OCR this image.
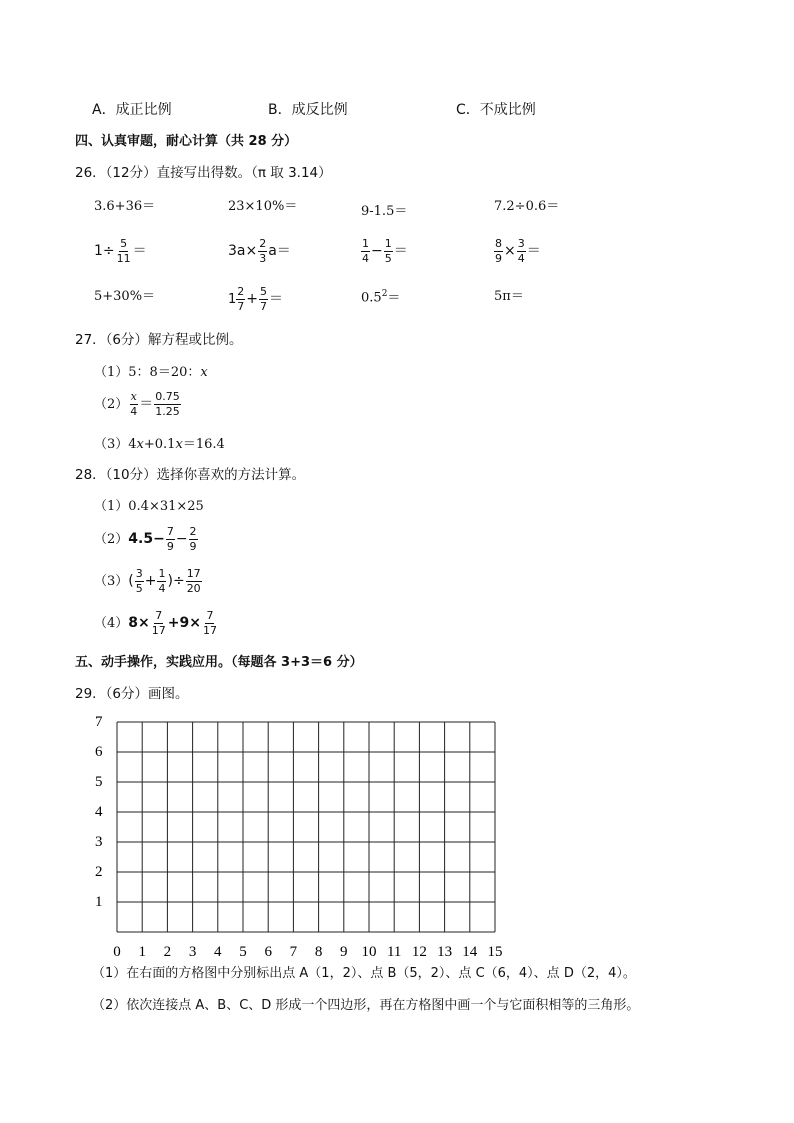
A．成正比例	B．成反比例	C．不成比例
四、认真审题，耐心计算（共 28 分）
26．（12分）直接写出得数。（π 取 3.14）
3.6+36＝	23×10%＝	9-1.5＝	7.2÷0.6＝
$1\div \frac{5}{11}$ ＝	$3a\times \frac{2}{3} a=$	$\frac{1}{4} - \frac{1}{5}$ ＝	$\frac{8}{9} \times \frac{3}{4}$ ＝
5+30%＝	$1 \frac{2}{7} + \frac{5}{7}$ ＝	$0.5^2=$	5π＝
27．（6分）解方程或比例。
（1）5：8＝20：x
$(2) \frac{x}{4} = \frac{0.75}{1.25}$
（3）4x+0.1x＝16.4
28．（10分）选择你喜欢的方法计算。
（1）0.4×31×25
（2） $4.5- \frac{7}{9} - \frac{2}{9}$
（3） ( $\frac{3}{5} + \frac{1}{4}$ )÷ $\frac{17}{20}$
（4） $8\times \frac{7}{17} +9\times \frac{7}{17}$
五、动手操作，实践应用。（每题各 3+3＝6 分）
29．（6分）画图。
7
6
5
4
3
2
1
0 1 2 3 4 5 6 7 8 9 10 11 12 13 14 15
（1）在右面的方格图中分别标出点 A（1，2）、点 B（5，2）、点 C（6，4）、点 D（2，4）。
（2）依次连接点 A、B、C、D 形成一个四边形，再在方格图中画一个与它面积相等的三角形。
